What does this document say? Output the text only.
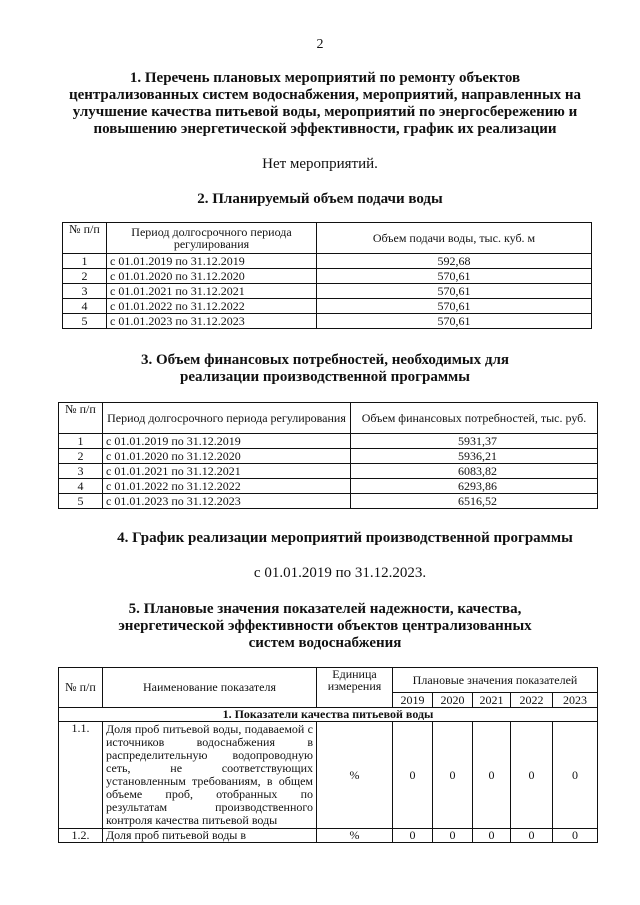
2
1. Перечень плановых мероприятий по ремонту объектов
централизованных систем водоснабжения, мероприятий, направленных на
улучшение качества питьевой воды, мероприятий по энергосбережению и
повышению энергетической эффективности, график их реализации
Нет мероприятий.
2. Планируемый объем подачи воды
№ п/п	Период долгосрочного периода регулирования	Объем подачи воды, тыс. куб. м
1	с 01.01.2019 по 31.12.2019	592,68
2	с 01.01.2020 по 31.12.2020	570,61
3	с 01.01.2021 по 31.12.2021	570,61
4	с 01.01.2022 по 31.12.2022	570,61
5	с 01.01.2023 по 31.12.2023	570,61
3. Объем финансовых потребностей, необходимых для
реализации производственной программы
№ п/п	Период долгосрочного периода регулирования	Объем финансовых потребностей, тыс. руб.
1	с 01.01.2019 по 31.12.2019	5931,37
2	с 01.01.2020 по 31.12.2020	5936,21
3	с 01.01.2021 по 31.12.2021	6083,82
4	с 01.01.2022 по 31.12.2022	6293,86
5	с 01.01.2023 по 31.12.2023	6516,52
4. График реализации мероприятий производственной программы
с 01.01.2019 по 31.12.2023.
5. Плановые значения показателей надежности, качества,
энергетической эффективности объектов централизованных
систем водоснабжения
№ п/п	Наименование показателя	Единица измерения	Плановые значения показателей				
			2019	2020	2021	2022	2023
1. Показатели качества питьевой воды							
1.1.	Доля проб питьевой воды, подаваемой с источников водоснабжения в распределительную водопроводную сеть, не соответствующих установленным требованиям, в общем объеме проб, отобранных по результатам производственного контроля качества питьевой воды	%	0	0	0	0	0
1.2.	Доля проб питьевой воды в	%	0	0	0	0	0
